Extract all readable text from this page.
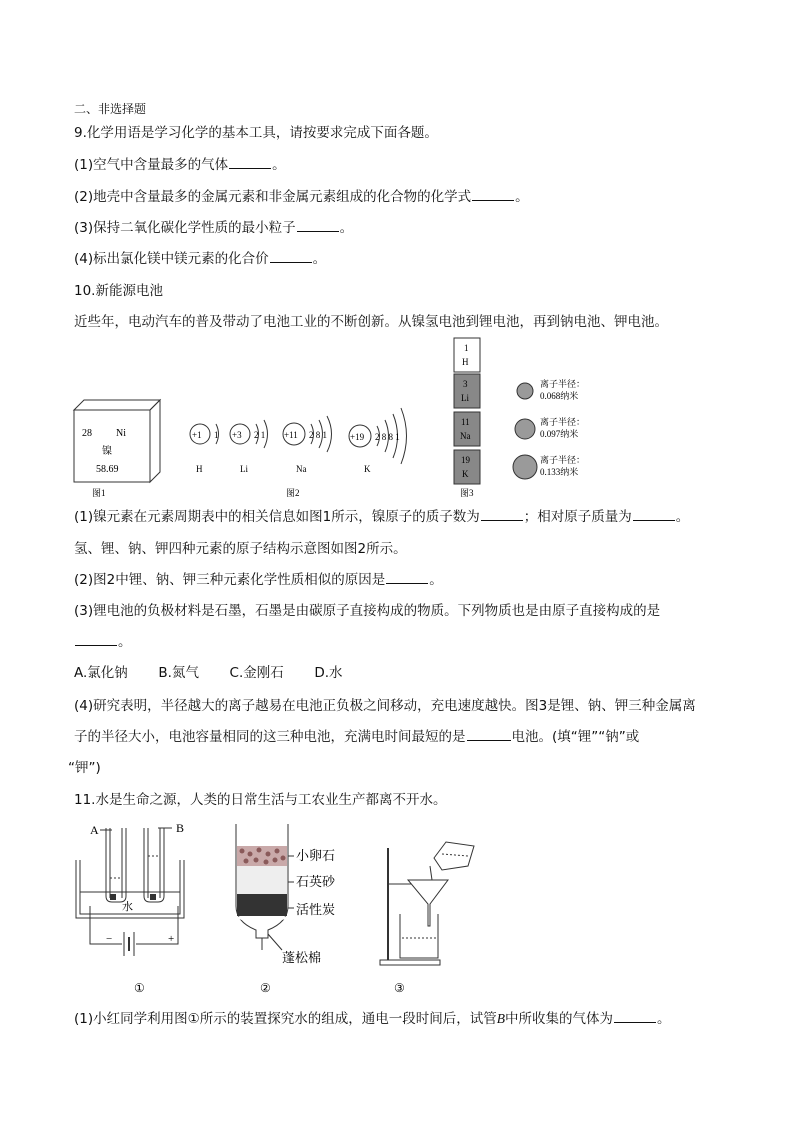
二、非选择题
9.化学用语是学习化学的基本工具，请按要求完成下面各题。
(1)空气中含量最多的气体	。
(2)地壳中含量最多的金属元素和非金属元素组成的化合物的化学式	。
(3)保持二氧化碳化学性质的最小粒子	。
(4)标出氯化镁中镁元素的化合价	。
10.新能源电池
近些年，电动汽车的普及带动了电池工业的不断创新。从镍氢电池到锂电池，再到钠电池、钾电池。
28 Ni
镍
58.69
图1
+1 1
H
+3 2 1
Li
+11 2 8 1
Na
+19 2 8 8 1
K
图2
1
H
3
Li
离子半径：
0.068纳米
11
Na
离子半径：
0.097纳米
19
K
离子半径：
0.133纳米
图3
(1)镍元素在元素周期表中的相关信息如图1所示，镍原子的质子数为	；相对原子质量为	。
氢、锂、钠、钾四种元素的原子结构示意图如图2所示。
(2)图2中锂、钠、钾三种元素化学性质相似的原因是	。
(3)锂电池的负极材料是石墨，石墨是由碳原子直接构成的物质。下列物质也是由原子直接构成的是
。
A.氯化钠 B.氮气 C.金刚石 D.水
(4)研究表明，半径越大的离子越易在电池正负极之间移动，充电速度越快。图3是锂、钠、钾三种金属离
子的半径大小，电池容量相同的这三种电池，充满电时间最短的是	电池。(填“锂”“钠”或
“钾”)
11.水是生命之源，人类的日常生活与工农业生产都离不开水。
A	B
水
−	+
①
小卵石
石英砂
活性炭
蓬松棉
②	③
(1)小红同学利用图①所示的装置探究水的组成，通电一段时间后，试管B中所收集的气体为	。
